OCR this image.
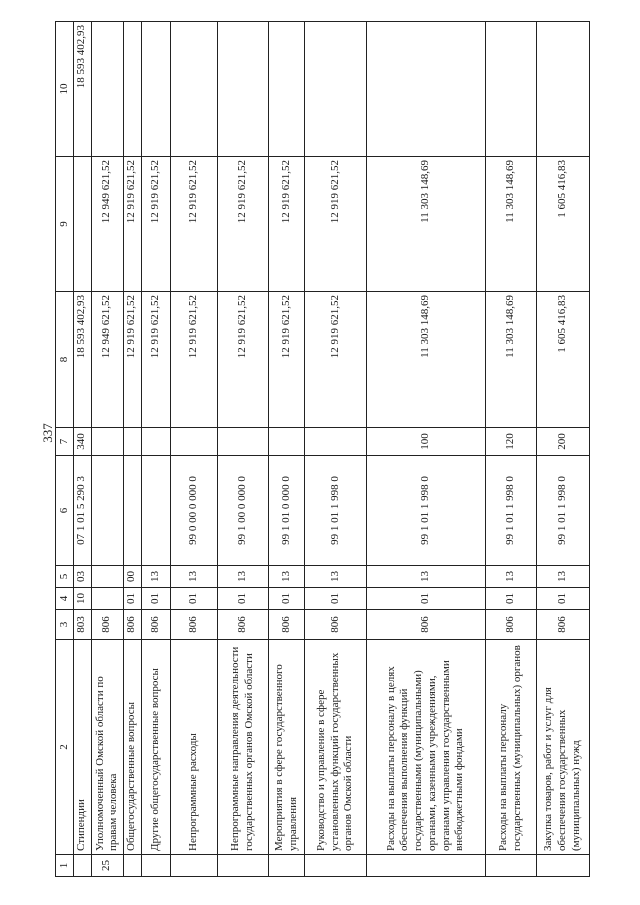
337
1	2	3	4	5	6	7	8	9	10
	Стипендии	803	10	03	07 1 01 5 290 3	340	18 593 402,93		18 593 402,93
25	Уполномоченный Омской области по правам человека	806					12 949 621,52	12 949 621,52	
	Общегосударственные вопросы	806	01	00			12 919 621,52	12 919 621,52	
	Другие общегосударственные вопросы	806	01	13			12 919 621,52	12 919 621,52	
	Непрограммные расходы	806	01	13	99 0 00 0 000 0		12 919 621,52	12 919 621,52	
	Непрограммные направления деятельности государственных органов Омской области	806	01	13	99 1 00 0 000 0		12 919 621,52	12 919 621,52	
	Мероприятия в сфере государственного управления	806	01	13	99 1 01 0 000 0		12 919 621,52	12 919 621,52	
	Руководство и управление в сфере установленных функций государственных органов Омской области	806	01	13	99 1 01 1 998 0		12 919 621,52	12 919 621,52	
	Расходы на выплаты персоналу в целях обеспечения выполнения функций государственными (муниципальными) органами, казенными учреждениями, органами управления государственными внебюджетными фондами	806	01	13	99 1 01 1 998 0	100	11 303 148,69	11 303 148,69	
	Расходы на выплаты персоналу государственных (муниципальных) органов	806	01	13	99 1 01 1 998 0	120	11 303 148,69	11 303 148,69	
	Закупка товаров, работ и услуг для обеспечения государственных (муниципальных) нужд	806	01	13	99 1 01 1 998 0	200	1 605 416,83	1 605 416,83	
